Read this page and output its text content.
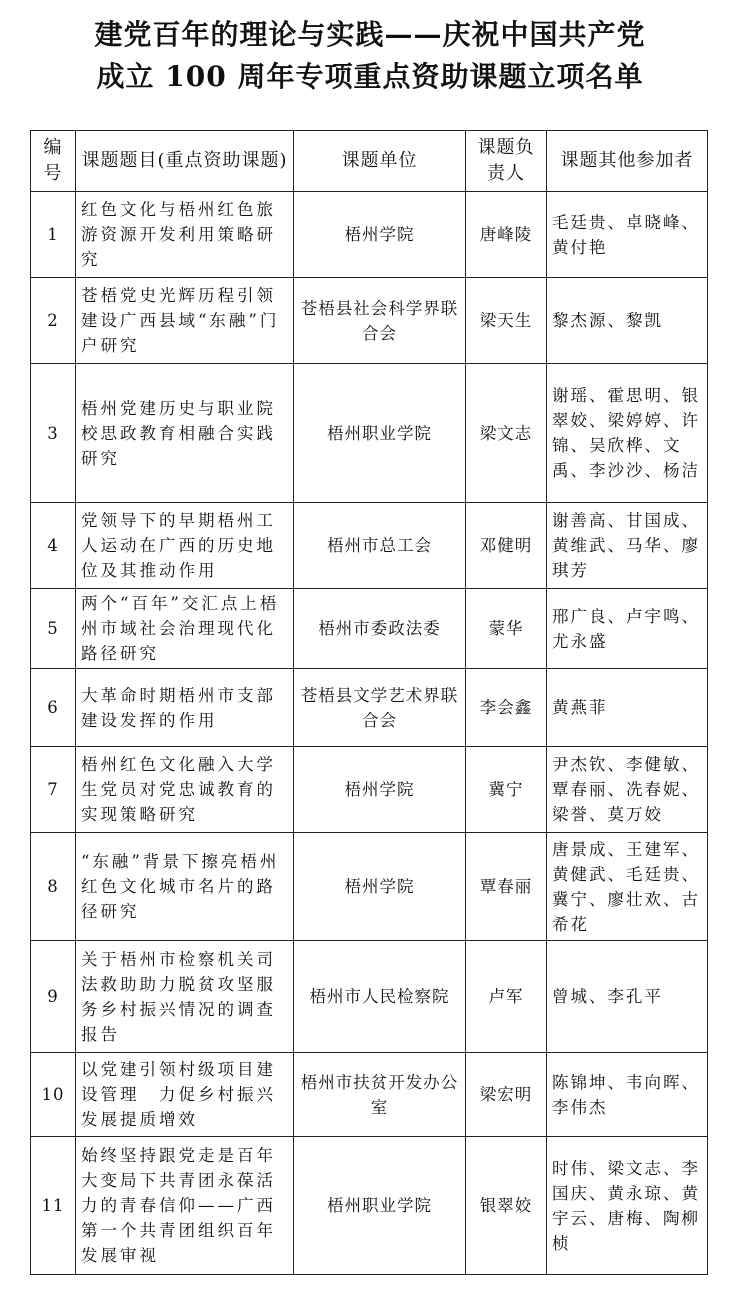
建党百年的理论与实践——庆祝中国共产党
成立 100 周年专项重点资助课题立项名单
编号	课题题目(重点资助课题)	课题单位	课题负责人	课题其他参加者
1	红色文化与梧州红色旅游资源开发利用策略研究	梧州学院	唐峰陵	毛廷贵、卓晓峰、黄付艳
2	苍梧党史光辉历程引领建设广西县域“东融”门户研究	苍梧县社会科学界联合会	梁天生	黎杰源、黎凯
3	梧州党建历史与职业院校思政教育相融合实践研究	梧州职业学院	梁文志	谢瑶、霍思明、银翠姣、梁婷婷、许锦、吴欣桦、文禹、李沙沙、杨洁
4	党领导下的早期梧州工人运动在广西的历史地位及其推动作用	梧州市总工会	邓健明	谢善高、甘国成、黄维武、马华、廖琪芳
5	两个“百年”交汇点上梧州市域社会治理现代化路径研究	梧州市委政法委	蒙华	邢广良、卢宇鸣、尤永盛
6	大革命时期梧州市支部建设发挥的作用	苍梧县文学艺术界联合会	李会鑫	黄燕菲
7	梧州红色文化融入大学生党员对党忠诚教育的实现策略研究	梧州学院	冀宁	尹杰钦、李健敏、覃春丽、冼春妮、梁誉、莫万姣
8	“东融”背景下擦亮梧州红色文化城市名片的路径研究	梧州学院	覃春丽	唐景成、王建军、黄健武、毛廷贵、冀宁、廖壮欢、古希花
9	关于梧州市检察机关司法救助助力脱贫攻坚服务乡村振兴情况的调查报告	梧州市人民检察院	卢军	曾城、李孔平
10	以党建引领村级项目建设管理　力促乡村振兴发展提质增效	梧州市扶贫开发办公室	梁宏明	陈锦坤、韦向晖、李伟杰
11	始终坚持跟党走是百年大变局下共青团永葆活力的青春信仰——广西第一个共青团组织百年发展审视	梧州职业学院	银翠姣	时伟、梁文志、李国庆、黄永琼、黄宇云、唐梅、陶柳桢
